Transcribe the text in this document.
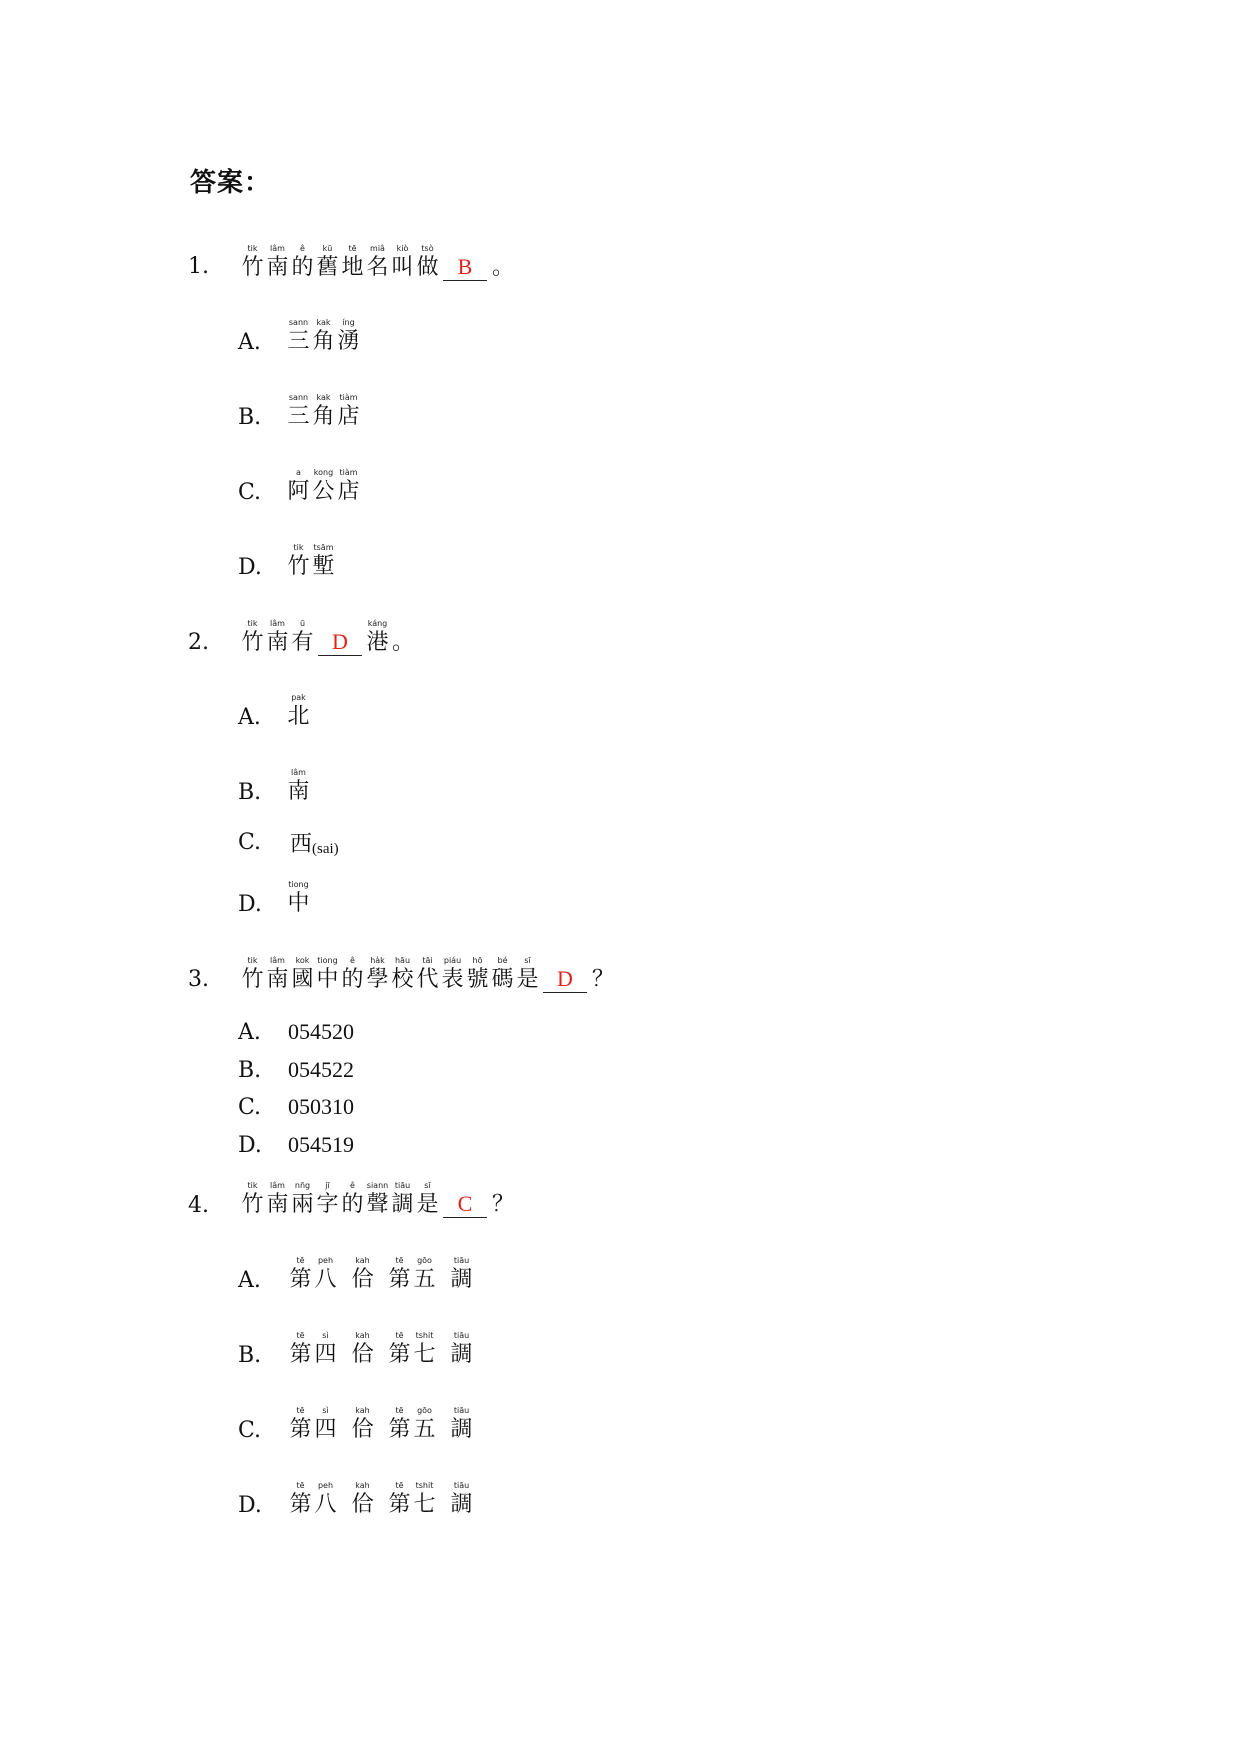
答案：
1.
tik
竹
lâm
南
ê
的
kū
舊
tē
地
miâ
名
kiò
叫
tsò
做 B 。
A.
sann
三
kak
角
íng
湧
B.
sann
三
kak
角
tiàm
店
C.
a
阿
kong
公
tiàm
店
D.
tik
竹
tsām
塹
2.
tik
竹
lâm
南
ū
有 D
káng
港 。
A.
pak
北
B.
lâm
南
C. 西 (sai)
D.
tiong
中
3.
tik
竹
lâm
南
kok
國
tiong
中
ê
的
ha̍k
學
hāu
校
tāi
代
piáu
表
hō
號
bé
碼
sī
是 D ？
A. 054520
B. 054522
C. 050310
D. 054519
4.
tik
竹
lâm
南
nn̄g
兩
jī
字
ê
的
siann
聲
tiāu
調
sī
是 C ？
A.
tē
第
peh
八
kah
佮
tē
第
gōo
五
tiāu
調
B.
tē
第
sì
四
kah
佮
tē
第
tshit
七
tiāu
調
C.
tē
第
sì
四
kah
佮
tē
第
gōo
五
tiāu
調
D.
tē
第
peh
八
kah
佮
tē
第
tshit
七
tiāu
調
